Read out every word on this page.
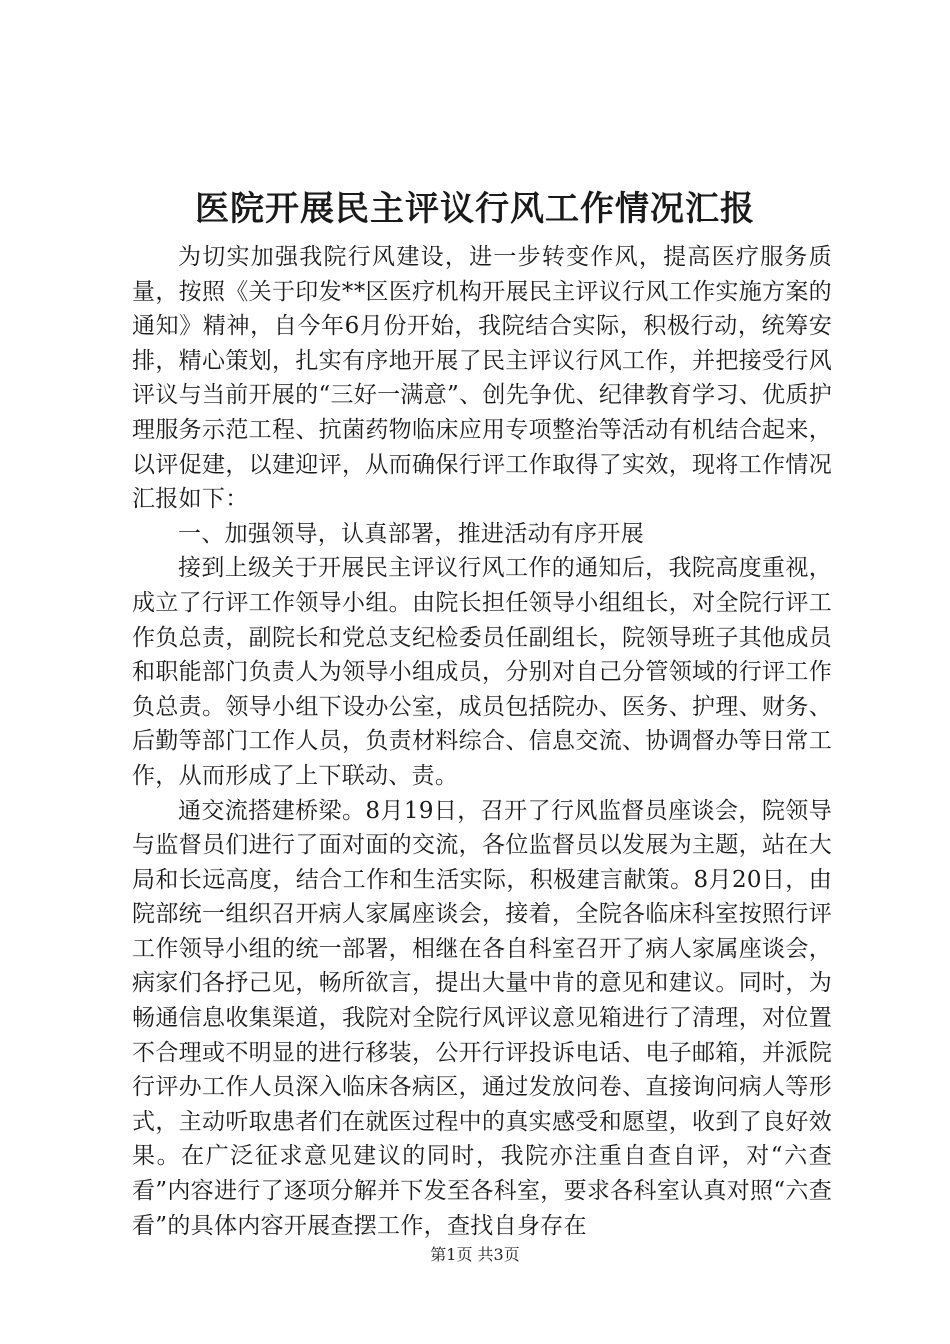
医院开展民主评议行风工作情况汇报

为切实加强我院行风建设，进一步转变作风，提高医疗服务质量，按照《关于印发**区医疗机构开展民主评议行风工作实施方案的通知》精神，自今年6月份开始，我院结合实际，积极行动，统筹安排，精心策划，扎实有序地开展了民主评议行风工作，并把接受行风评议与当前开展的“三好一满意”、创先争优、纪律教育学习、优质护理服务示范工程、抗菌药物临床应用专项整治等活动有机结合起来，以评促建，以建迎评，从而确保行评工作取得了实效，现将工作情况汇报如下：

一、加强领导，认真部署，推进活动有序开展

接到上级关于开展民主评议行风工作的通知后，我院高度重视，成立了行评工作领导小组。由院长担任领导小组组长，对全院行评工作负总责，副院长和党总支纪检委员任副组长，院领导班子其他成员和职能部门负责人为领导小组成员，分别对自己分管领域的行评工作负总责。领导小组下设办公室，成员包括院办、医务、护理、财务、后勤等部门工作人员，负责材料综合、信息交流、协调督办等日常工作，从而形成了上下联动、责。

通交流搭建桥梁。8月19日，召开了行风监督员座谈会，院领导与监督员们进行了面对面的交流，各位监督员以发展为主题，站在大局和长远高度，结合工作和生活实际，积极建言献策。8月20日，由院部统一组织召开病人家属座谈会，接着，全院各临床科室按照行评工作领导小组的统一部署，相继在各自科室召开了病人家属座谈会，病家们各抒己见，畅所欲言，提出大量中肯的意见和建议。同时，为畅通信息收集渠道，我院对全院行风评议意见箱进行了清理，对位置不合理或不明显的进行移装，公开行评投诉电话、电子邮箱，并派院行评办工作人员深入临床各病区，通过发放问卷、直接询问病人等形式，主动听取患者们在就医过程中的真实感受和愿望，收到了良好效果。在广泛征求意见建议的同时，我院亦注重自查自评，对“六查看”内容进行了逐项分解并下发至各科室，要求各科室认真对照“六查看”的具体内容开展查摆工作，查找自身存在

第1页 共3页
